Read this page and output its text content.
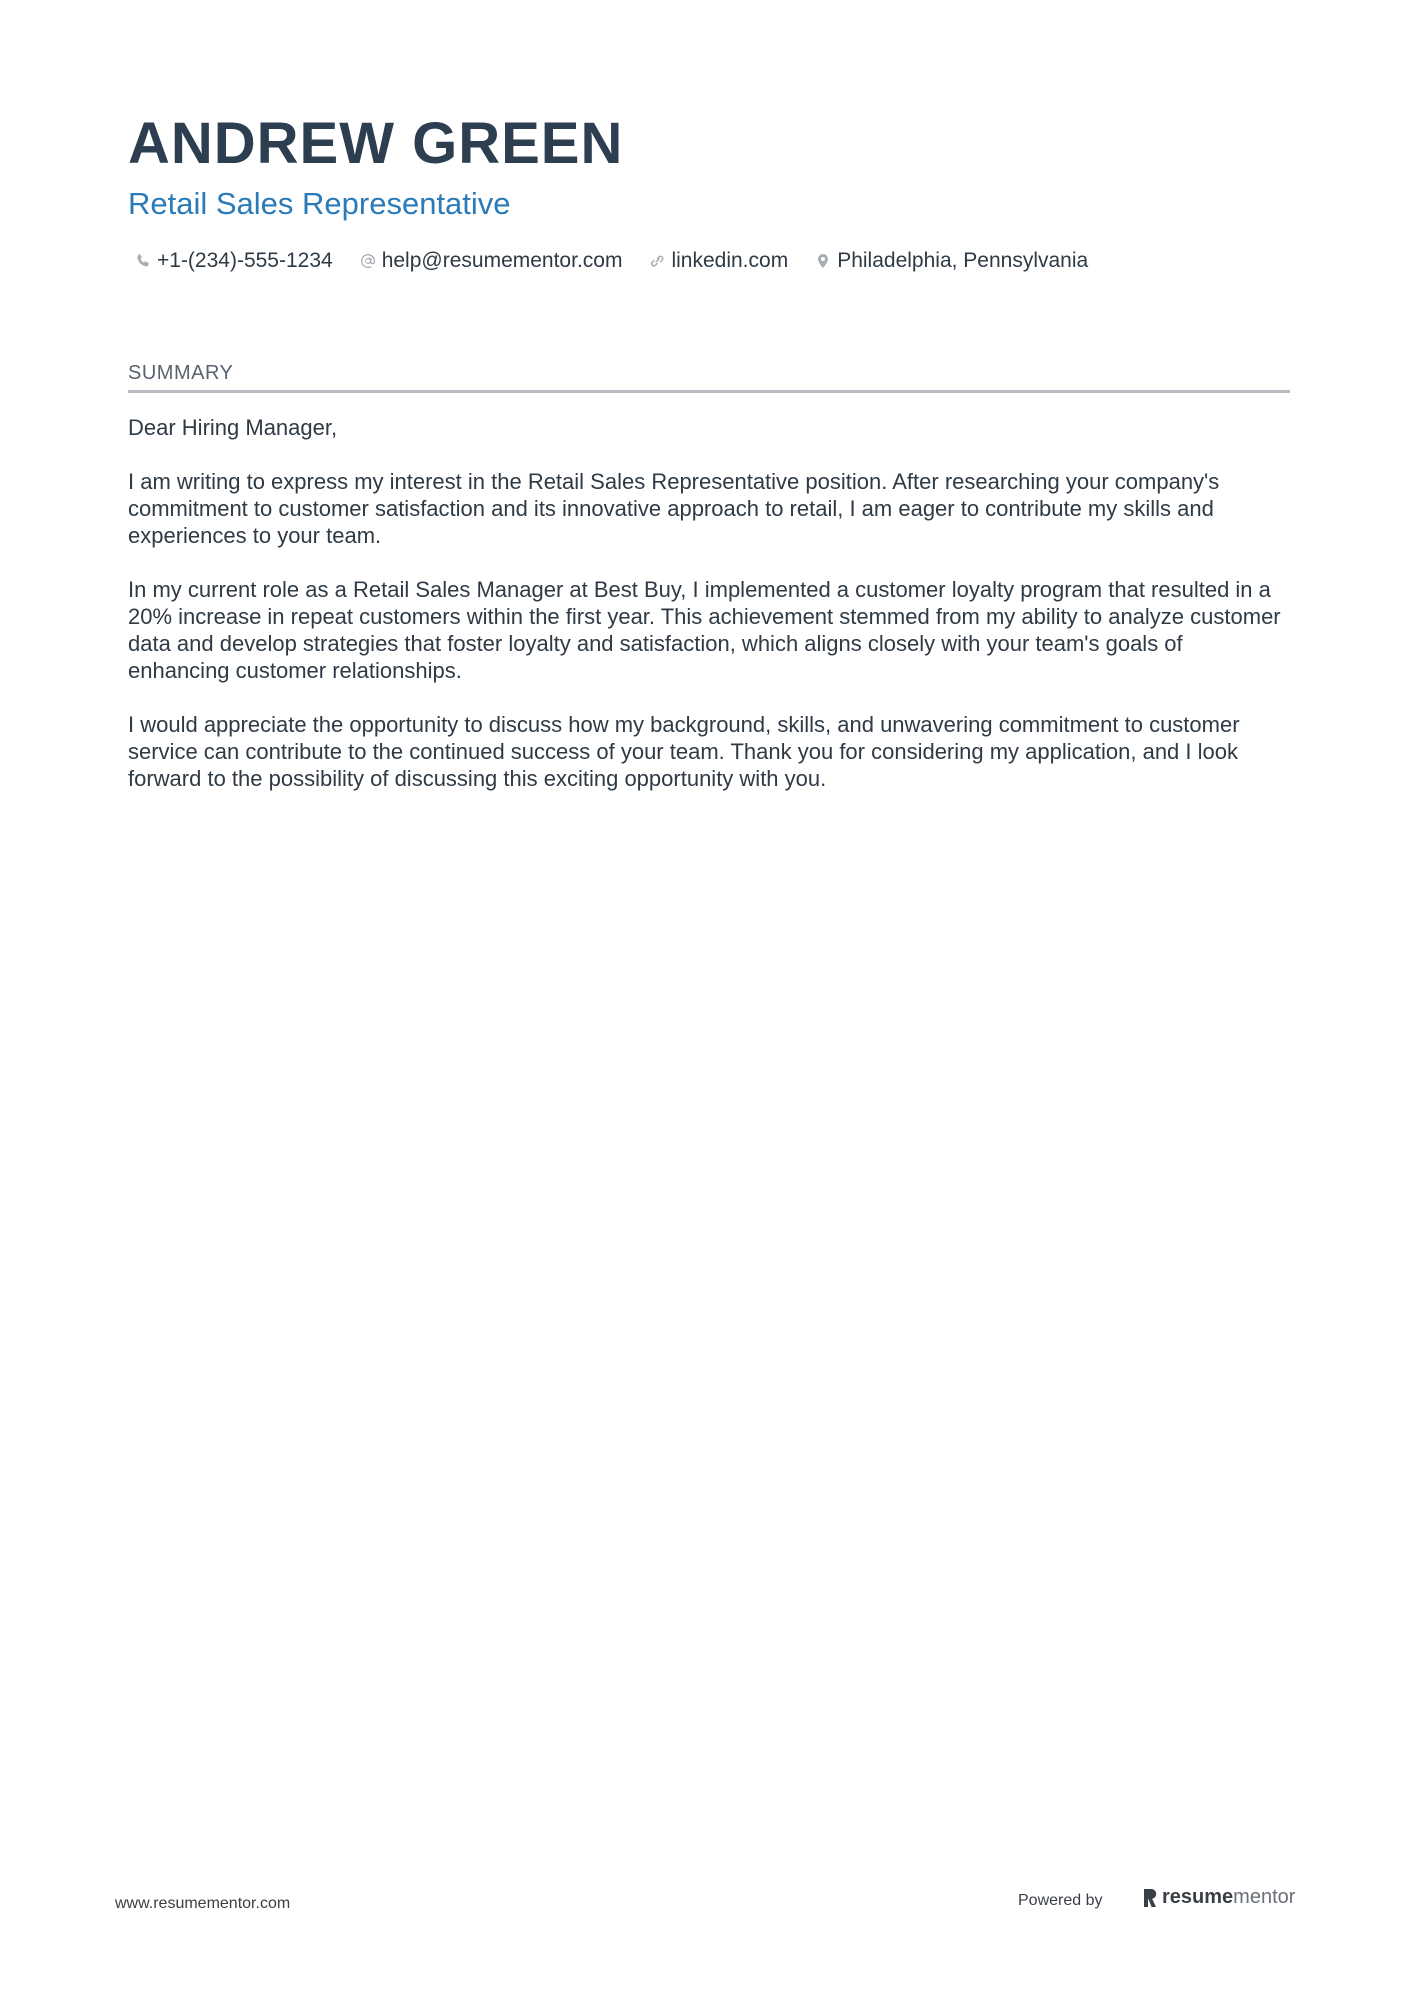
ANDREW GREEN
Retail Sales Representative
+1-(234)-555-1234 help@resumementor.com linkedin.com Philadelphia, Pennsylvania
SUMMARY

Dear Hiring Manager,

I am writing to express my interest in the Retail Sales Representative position. After researching your company's commitment to customer satisfaction and its innovative approach to retail, I am eager to contribute my skills and experiences to your team.

In my current role as a Retail Sales Manager at Best Buy, I implemented a customer loyalty program that resulted in a 20% increase in repeat customers within the first year. This achievement stemmed from my ability to analyze customer data and develop strategies that foster loyalty and satisfaction, which aligns closely with your team's goals of enhancing customer relationships.

I would appreciate the opportunity to discuss how my background, skills, and unwavering commitment to customer service can contribute to the continued success of your team. Thank you for considering my application, and I look forward to the possibility of discussing this exciting opportunity with you.

www.resumementor.com	Powered by	resume mentor
